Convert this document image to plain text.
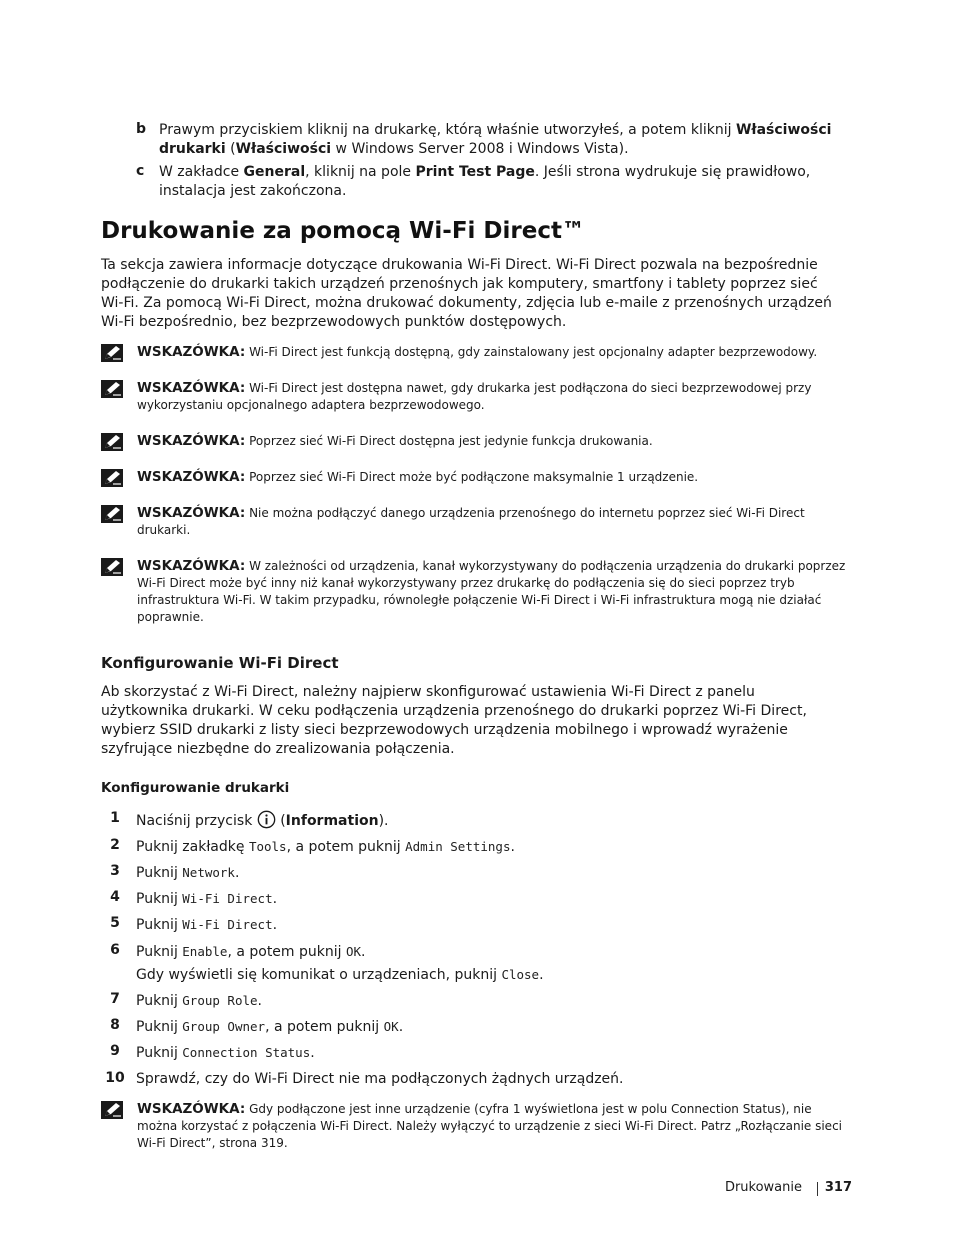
b Prawym przyciskiem kliknij na drukarkę, którą właśnie utworzyłeś, a potem kliknij Właściwości drukarki (Właściwości w Windows Server 2008 i Windows Vista).
c W zakładce General, kliknij na pole Print Test Page. Jeśli strona wydrukuje się prawidłowo, instalacja jest zakończona.
Drukowanie za pomocą Wi-Fi Direct™
Ta sekcja zawiera informacje dotyczące drukowania Wi-Fi Direct. Wi-Fi Direct pozwala na bezpośrednie podłączenie do drukarki takich urządzeń przenośnych jak komputery, smartfony i tablety poprzez sieć Wi-Fi. Za pomocą Wi-Fi Direct, można drukować dokumenty, zdjęcia lub e-maile z przenośnych urządzeń Wi-Fi bezpośrednio, bez bezprzewodowych punktów dostępowych.
WSKAZÓWKA: Wi-Fi Direct jest funkcją dostępną, gdy zainstalowany jest opcjonalny adapter bezprzewodowy.
WSKAZÓWKA: Wi-Fi Direct jest dostępna nawet, gdy drukarka jest podłączona do sieci bezprzewodowej przy wykorzystaniu opcjonalnego adaptera bezprzewodowego.
WSKAZÓWKA: Poprzez sieć Wi-Fi Direct dostępna jest jedynie funkcja drukowania.
WSKAZÓWKA: Poprzez sieć Wi-Fi Direct może być podłączone maksymalnie 1 urządzenie.
WSKAZÓWKA: Nie można podłączyć danego urządzenia przenośnego do internetu poprzez sieć Wi-Fi Direct drukarki.
WSKAZÓWKA: W zależności od urządzenia, kanał wykorzystywany do podłączenia urządzenia do drukarki poprzez Wi-Fi Direct może być inny niż kanał wykorzystywany przez drukarkę do podłączenia się do sieci poprzez tryb infrastruktura Wi-Fi. W takim przypadku, równoległe połączenie Wi-Fi Direct i Wi-Fi infrastruktura mogą nie działać poprawnie.
Konfigurowanie Wi-Fi Direct
Ab skorzystać z Wi-Fi Direct, należny najpierw skonfigurować ustawienia Wi-Fi Direct z panelu użytkownika drukarki. W ceku podłączenia urządzenia przenośnego do drukarki poprzez Wi-Fi Direct, wybierz SSID drukarki z listy sieci bezprzewodowych urządzenia mobilnego i wprowadź wyrażenie szyfrujące niezbędne do zrealizowania połączenia.
Konfigurowanie drukarki
1	Naciśnij przycisk  (Information).
2	Puknij zakładkę Tools, a potem puknij Admin Settings.
3	Puknij Network.
4	Puknij Wi-Fi Direct.
5	Puknij Wi-Fi Direct.
6	Puknij Enable, a potem puknij OK.
Gdy wyświetli się komunikat o urządzeniach, puknij Close.
7	Puknij Group Role.
8	Puknij Group Owner, a potem puknij OK.
9	Puknij Connection Status.
10 Sprawdź, czy do Wi-Fi Direct nie ma podłączonych żądnych urządzeń.
WSKAZÓWKA: Gdy podłączone jest inne urządzenie (cyfra 1 wyświetlona jest w polu Connection Status), nie można korzystać z połączenia Wi-Fi Direct. Należy wyłączyć to urządzenie z sieci Wi-Fi Direct. Patrz „Rozłączanie sieci Wi-Fi Direct”, strona 319.
Drukowanie 317
